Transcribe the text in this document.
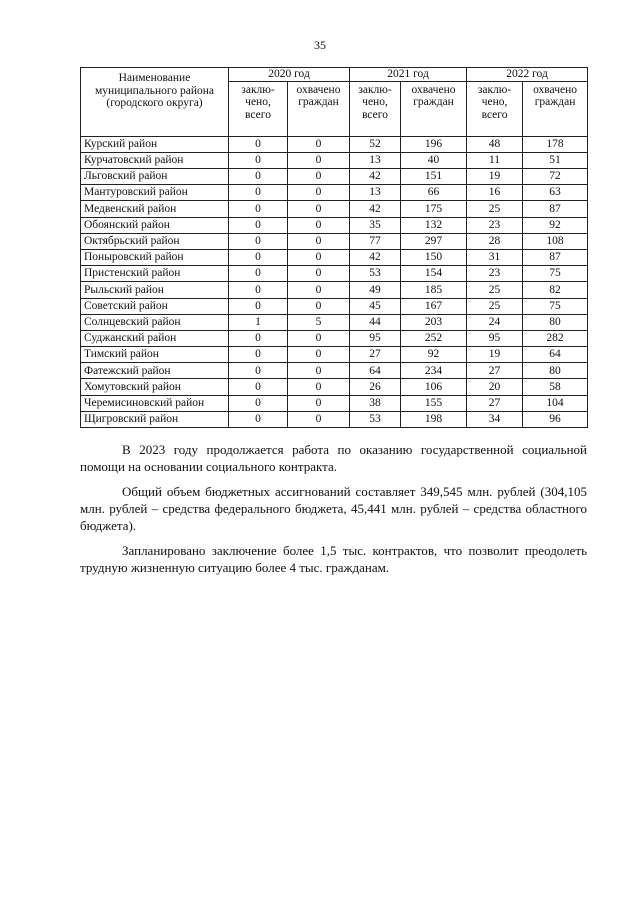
35
Наименование муниципального района (городского округа)	2020 год		2021 год		2022 год	
	заклю-чено, всего	охвачено граждан	заклю-чено, всего	охвачено граждан	заклю-чено, всего	охвачено граждан
Курский район	0	0	52	196	48	178
Курчатовский район	0	0	13	40	11	51
Льговский район	0	0	42	151	19	72
Мантуровский район	0	0	13	66	16	63
Медвенский район	0	0	42	175	25	87
Обоянский район	0	0	35	132	23	92
Октябрьский район	0	0	77	297	28	108
Поныровский район	0	0	42	150	31	87
Пристенский район	0	0	53	154	23	75
Рыльский район	0	0	49	185	25	82
Советский район	0	0	45	167	25	75
Солнцевский район	1	5	44	203	24	80
Суджанский район	0	0	95	252	95	282
Тимский район	0	0	27	92	19	64
Фатежский район	0	0	64	234	27	80
Хомутовский район	0	0	26	106	20	58
Черемисиновский район	0	0	38	155	27	104
Щигровский район	0	0	53	198	34	96

В 2023 году продолжается работа по оказанию государственной социальной помощи на основании социального контракта.

Общий объем бюджетных ассигнований составляет 349,545 млн. рублей (304,105 млн. рублей – средства федерального бюджета, 45,441 млн. рублей – средства областного бюджета).

Запланировано заключение более 1,5 тыс. контрактов, что позволит преодолеть трудную жизненную ситуацию более 4 тыс. гражданам.
